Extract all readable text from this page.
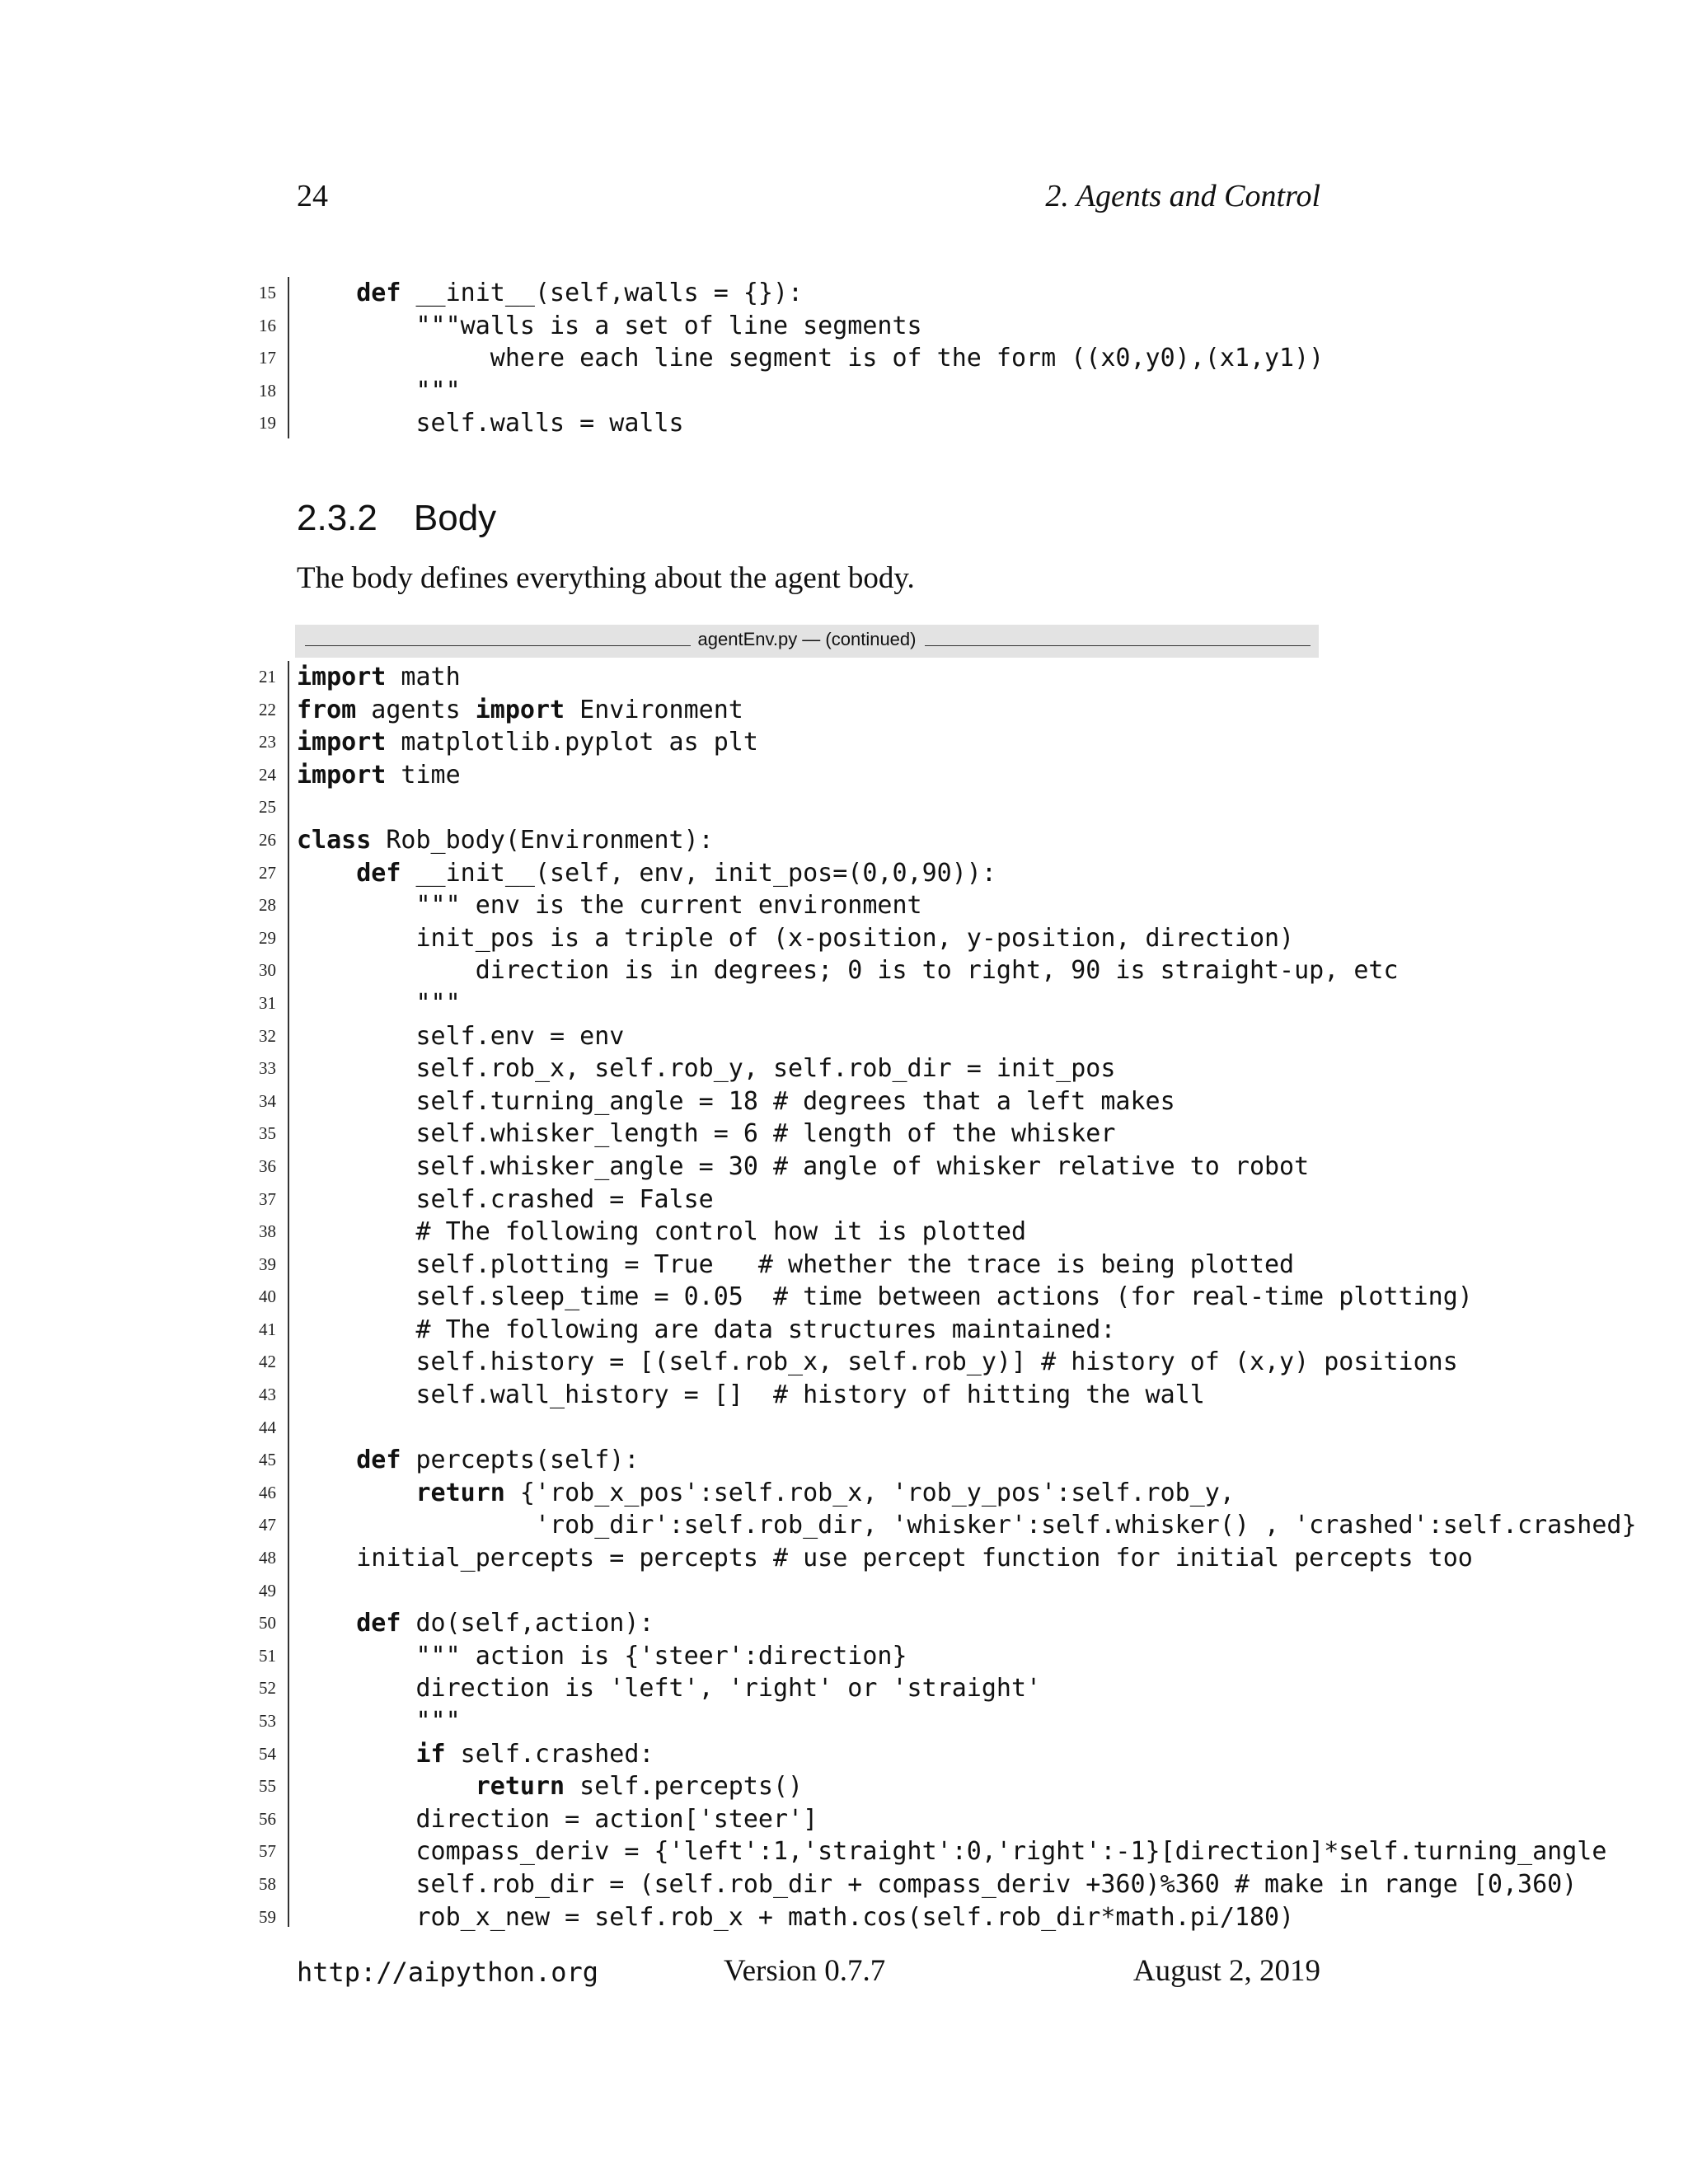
24	2. Agents and Control
15	def __init__(self,walls = {}):
16 """walls is a set of line segments
17 where each line segment is of the form ((x0,y0),(x1,y1))
18 """
19 self.walls = walls
2.3.2 Body
The body defines everything about the agent body.
agentEnv.py — (continued)
21 import math
22 from agents import Environment
23 import matplotlib.pyplot as plt
24 import time
25
26 class Rob_body(Environment):
27	def __init__(self, env, init_pos=(0,0,90)):
28 """ env is the current environment
29 init_pos is a triple of (x-position, y-position, direction)
30 direction is in degrees; 0 is to right, 90 is straight-up, etc
31 """
32 self.env = env
33 self.rob_x, self.rob_y, self.rob_dir = init_pos
34 self.turning_angle = 18 # degrees that a left makes
35 self.whisker_length = 6 # length of the whisker
36 self.whisker_angle = 30 # angle of whisker relative to robot
37 self.crashed = False
38 # The following control how it is plotted
39 self.plotting = True   # whether the trace is being plotted
40 self.sleep_time = 0.05  # time between actions (for real-time plotting)
41 # The following are data structures maintained:
42 self.history = [(self.rob_x, self.rob_y)] # history of (x,y) positions
43 self.wall_history = []  # history of hitting the wall
44
45	def percepts(self):
46	return {'rob_x_pos':self.rob_x, 'rob_y_pos':self.rob_y,
47 'rob_dir':self.rob_dir, 'whisker':self.whisker() , 'crashed':self.crashed}
48 initial_percepts = percepts # use percept function for initial percepts too
49
50	def do(self,action):
51 """ action is {'steer':direction}
52 direction is 'left', 'right' or 'straight'
53 """
54	if self.crashed:
55	return self.percepts()
56 direction = action['steer']
57 compass_deriv = {'left':1,'straight':0,'right':-1}[direction]*self.turning_angle
58 self.rob_dir = (self.rob_dir + compass_deriv +360)%360 # make in range [0,360)
59 rob_x_new = self.rob_x + math.cos(self.rob_dir*math.pi/180)
http://aipython.org	Version 0.7.7	August 2, 2019
